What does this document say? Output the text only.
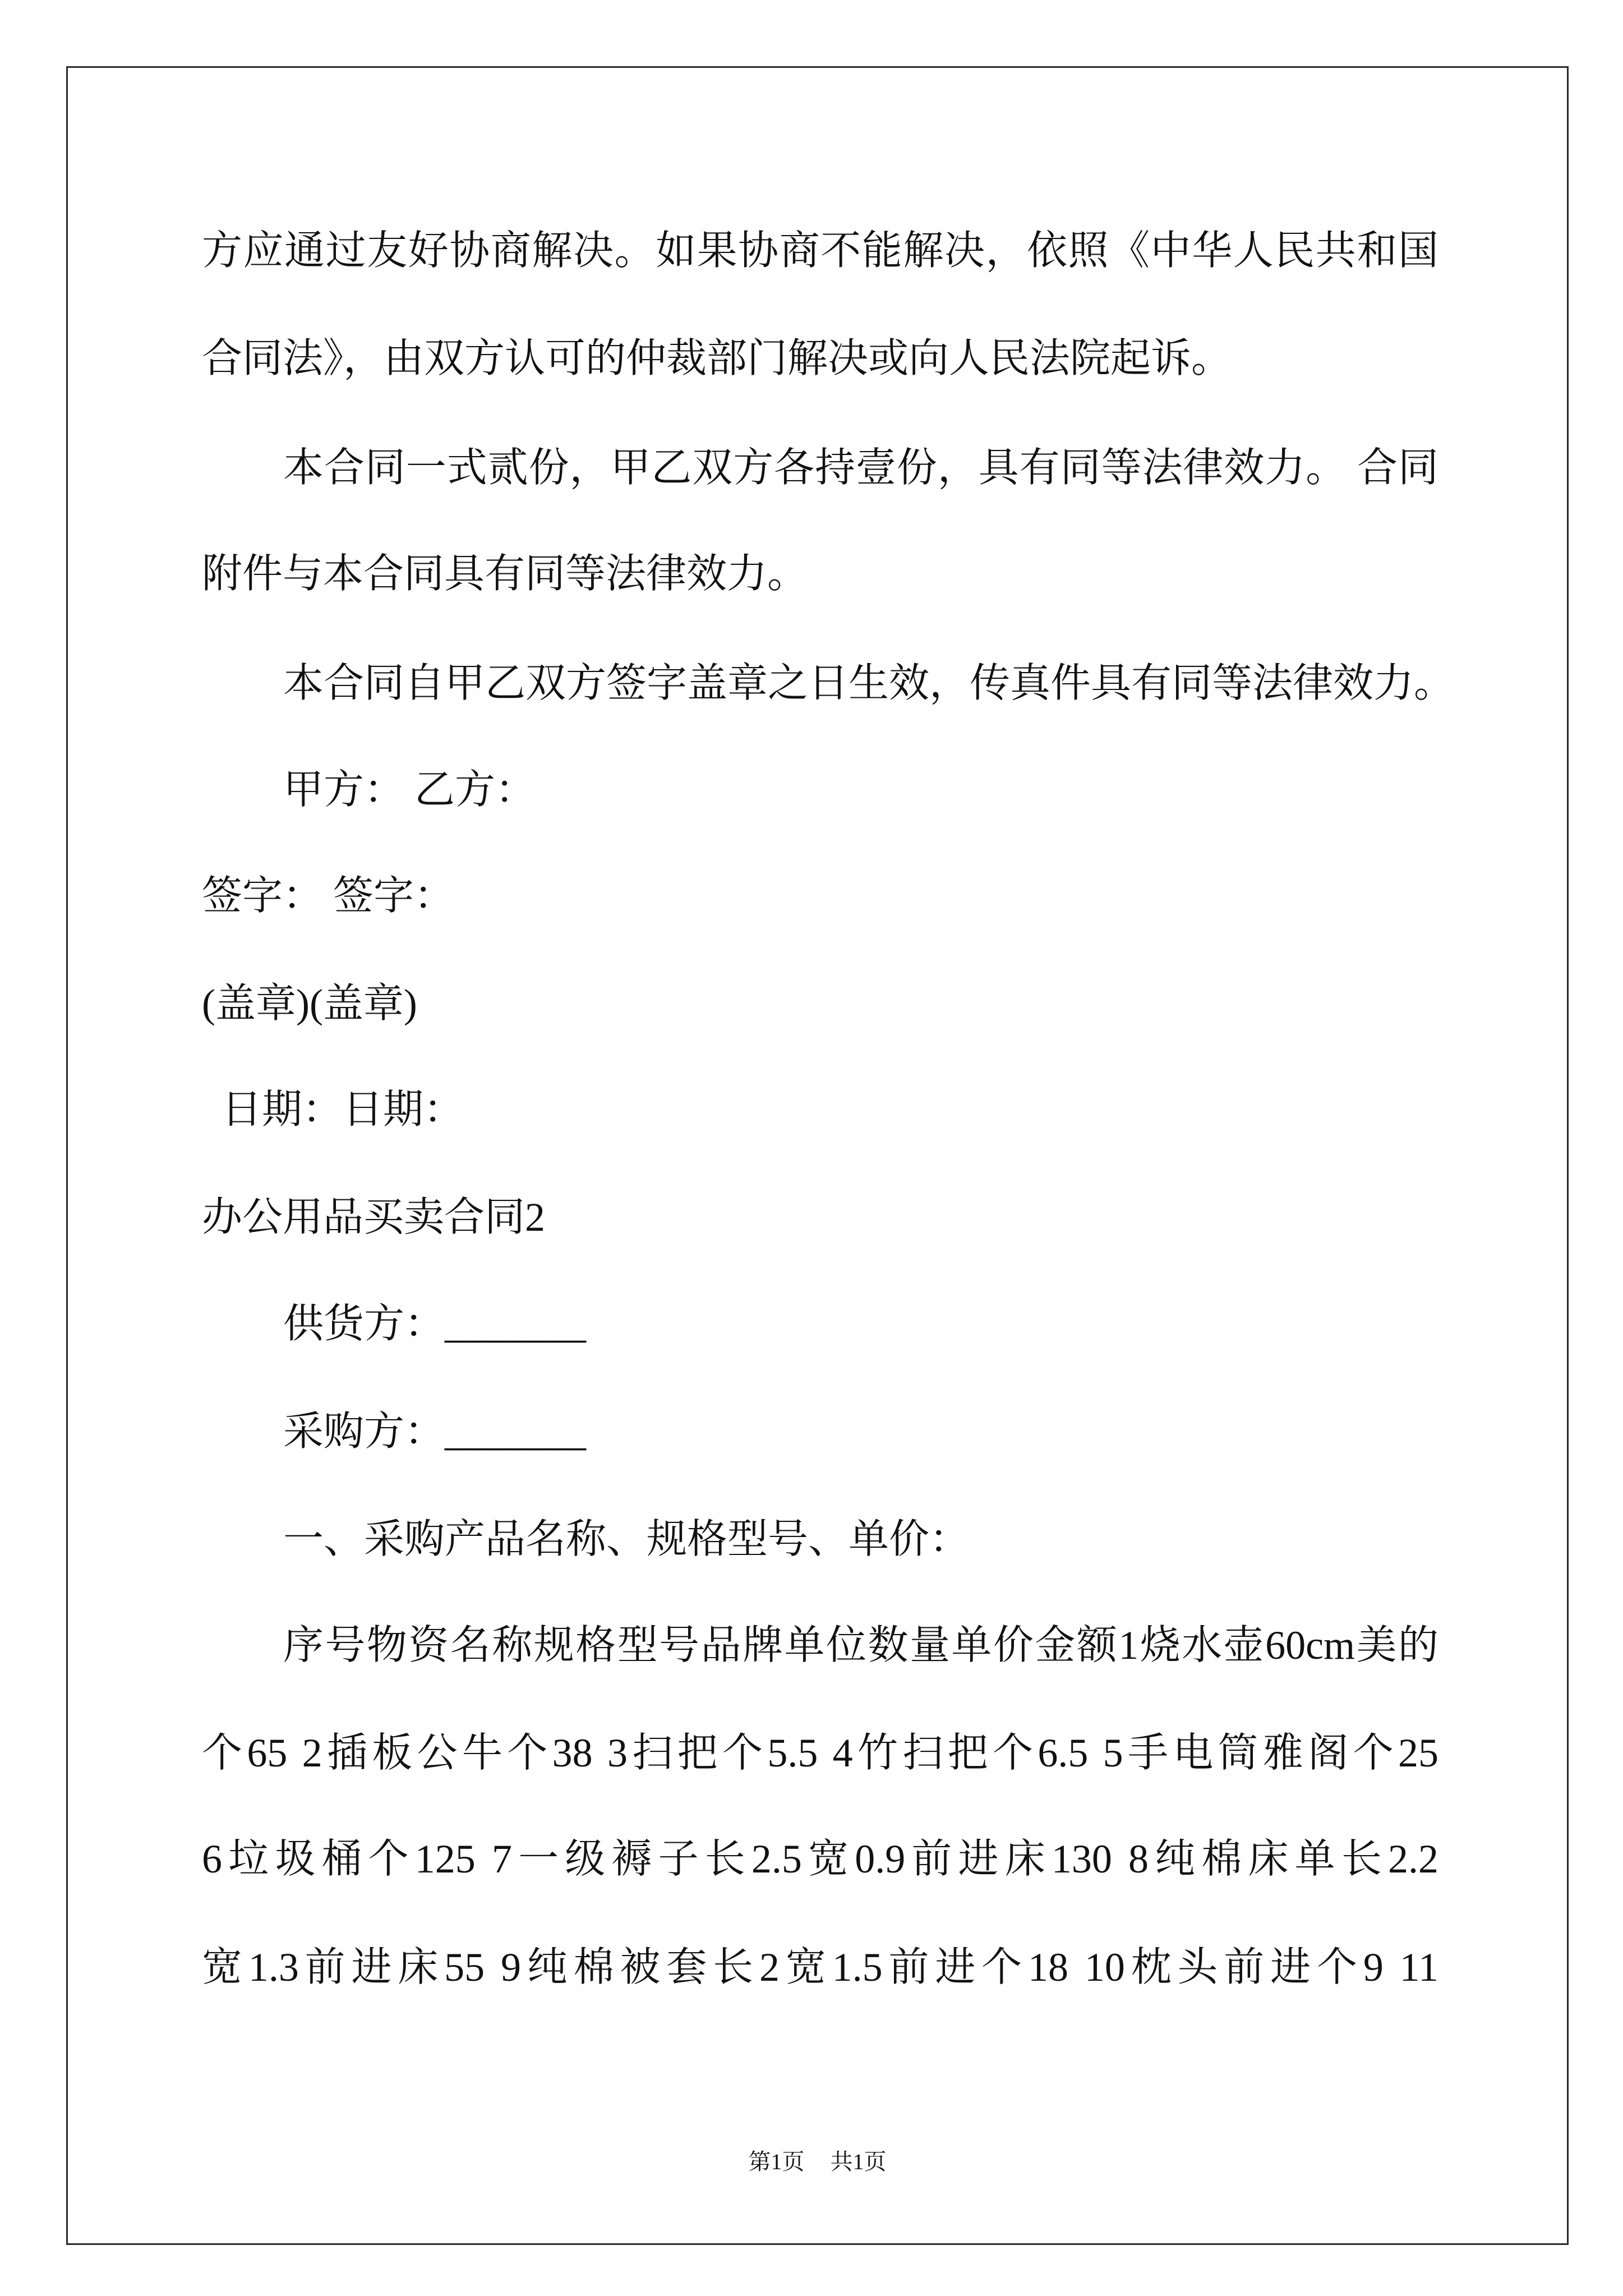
方应通过友好协商解决。如果协商不能解决，依照《中华人民共和国
合同法》，由双方认可的仲裁部门解决或向人民法院起诉。
本合同一式贰份，甲乙双方各持壹份，具有同等法律效力。 合同
附件与本合同具有同等法律效力。
本合同自甲乙双方签字盖章之日生效，传真件具有同等法律效力。
甲方： 乙方：
签字： 签字：
(盖章)(盖章)
日期：日期：
办公用品买卖合同2
供货方：_______
采购方：_______
一、采购产品名称、规格型号、单价：
序号物资名称规格型号品牌单位数量单价金额1烧水壶60cm美的
个65 2插板公牛个38 3扫把个5.5 4竹扫把个6.5 5手电筒雅阁个25
6垃圾桶个125 7一级褥子长2.5宽0.9前进床130 8纯棉床单长2.2
宽1.3前进床55 9纯棉被套长2宽1.5前进个18 10枕头前进个9 11
第1页 共1页
